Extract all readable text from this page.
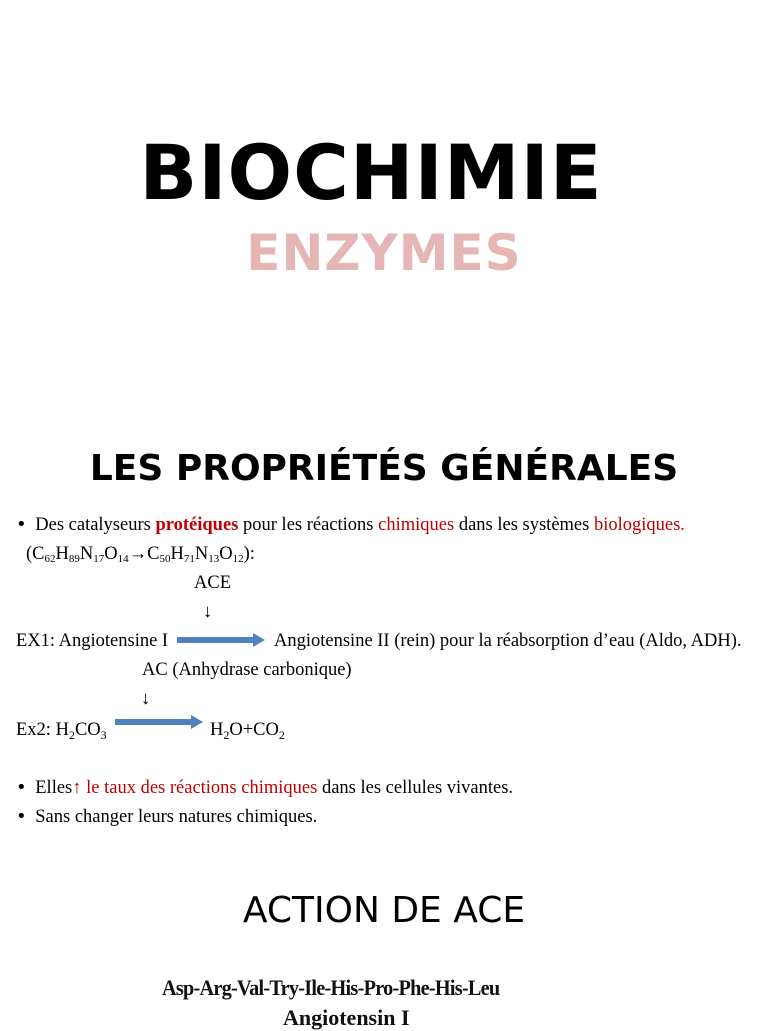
BIOCHIMIE
ENZYMES
LES PROPRIÉTÉS GÉNÉRALES
• Des catalyseurs protéiques pour les réactions chimiques dans les systèmes biologiques.
$(C_{62}H_{89}N_{17}O_{14}\to C_{50}H_{71}N_{13}O_{12})$:
ACE
↓
EX1: Angiotensine I	Angiotensine II (rein) pour la réabsorption d’eau (Aldo, ADH).
AC (Anhydrase carbonique)
↓
Ex2: $H_2CO_3$	$H_2O+CO_2$
• Elles↑ le taux des réactions chimiques dans les cellules vivantes.
• Sans changer leurs natures chimiques.
ACTION DE ACE
Asp-Arg-Val-Try-Ile-His-Pro-Phe-His-Leu
Angiotensin I
